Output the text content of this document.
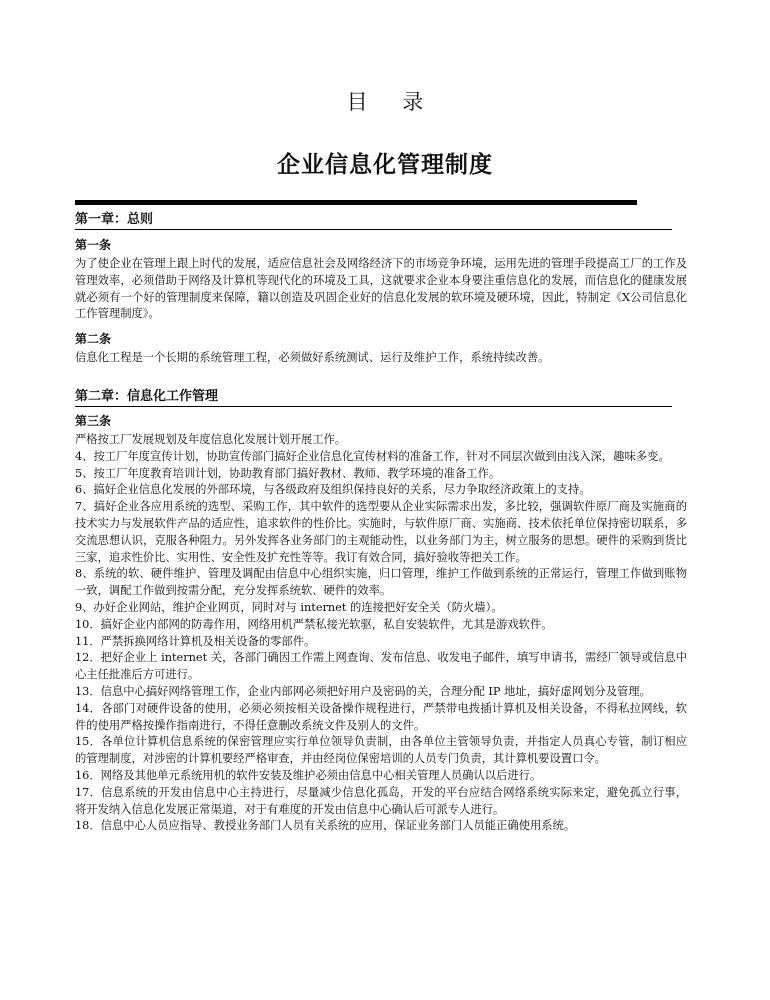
目 录
企业信息化管理制度
第一章：总则
第一条
为了使企业在管理上跟上时代的发展，适应信息社会及网络经济下的市场竞争环境，运用先进的管理手段提高工厂的工作及管理效率，必须借助于网络及计算机等现代化的环境及工具，这就要求企业本身要注重信息化的发展，而信息化的健康发展就必须有一个好的管理制度来保障，籍以创造及巩固企业好的信息化发展的软环境及硬环境，因此，特制定《X公司信息化工作管理制度》。
第二条
信息化工程是一个长期的系统管理工程，必须做好系统测试、运行及维护工作，系统持续改善。
第二章：信息化工作管理
第三条
严格按工厂发展规划及年度信息化发展计划开展工作。
4、按工厂年度宣传计划，协助宣传部门搞好企业信息化宣传材料的准备工作，针对不同层次做到由浅入深，趣味多变。
5、按工厂年度教育培训计划，协助教育部门搞好教材、教师、教学环境的准备工作。
6、搞好企业信息化发展的外部环境，与各级政府及组织保持良好的关系，尽力争取经济政策上的支持。
7、搞好企业各应用系统的选型、采购工作，其中软件的选型要从企业实际需求出发，多比较，强调软件原厂商及实施商的技术实力与发展软件产品的适应性，追求软件的性价比。实施时，与软件原厂商、实施商、技术依托单位保持密切联系，多交流思想认识，克服各种阻力。另外发挥各业务部门的主观能动性，以业务部门为主，树立服务的思想。硬件的采购到货比三家，追求性价比、实用性、安全性及扩充性等等。我订有效合同，搞好验收等把关工作。
8、系统的软、硬件维护、管理及调配由信息中心组织实施，归口管理，维护工作做到系统的正常运行，管理工作做到账物一致，调配工作做到按需分配，充分发挥系统软、硬件的效率。
9、办好企业网站，维护企业网页，同时对与 internet 的连接把好安全关（防火墙）。
10．搞好企业内部网的防毒作用，网络用机严禁私接光软驱，私自安装软件，尤其是游戏软件。
11．严禁拆换网络计算机及相关设备的零部件。
12．把好企业上 internet 关，各部门确因工作需上网查询、发布信息、收发电子邮件，填写申请书，需经厂领导或信息中心主任批准后方可进行。
13．信息中心搞好网络管理工作，企业内部网必须把好用户及密码的关，合理分配 IP 地址，搞好虚网划分及管理。
14．各部门对硬件设备的使用，必须必须按相关设备操作规程进行，严禁带电拨插计算机及相关设备，不得私拉网线，软件的使用严格按操作指南进行，不得任意删改系统文件及别人的文件。
15．各单位计算机信息系统的保密管理应实行单位领导负责制，由各单位主管领导负责，并指定人员真心专管，制订相应的管理制度，对涉密的计算机要经严格审查，并由经岗位保密培训的人员专门负责，其计算机要设置口令。
16．网络及其他单元系统用机的软件安装及维护必须由信息中心相关管理人员确认以后进行。
17．信息系统的开发由信息中心主持进行，尽量减少信息化孤岛，开发的平台应结合网络系统实际来定，避免孤立行事，将开发纳入信息化发展正常渠道，对于有难度的开发由信息中心确认后可派专人进行。
18．信息中心人员应指导、教授业务部门人员有关系统的应用，保证业务部门人员能正确使用系统。
